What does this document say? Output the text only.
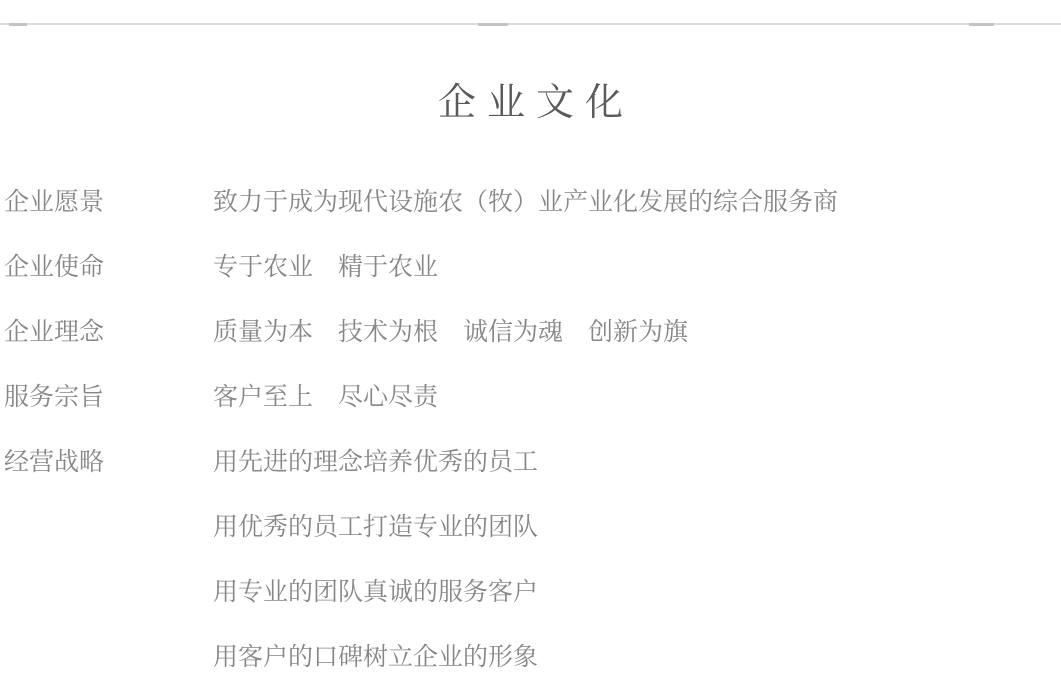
企业文化
企业愿景	致力于成为现代设施农（牧）业产业化发展的综合服务商
企业使命	专于农业　精于农业
企业理念	质量为本　技术为根　诚信为魂　创新为旗
服务宗旨	客户至上　尽心尽责
经营战略	用先进的理念培养优秀的员工
用优秀的员工打造专业的团队
用专业的团队真诚的服务客户
用客户的口碑树立企业的形象
